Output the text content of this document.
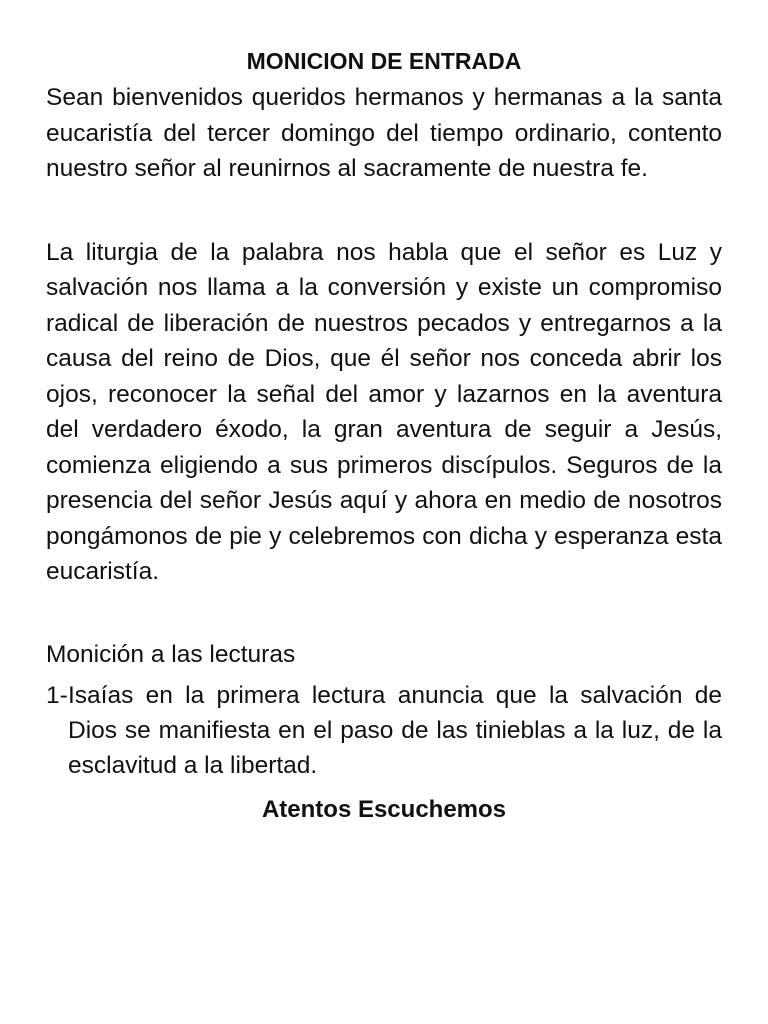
MONICION DE ENTRADA

Sean bienvenidos queridos hermanos y hermanas a la santa eucaristía del tercer domingo del tiempo ordinario, contento nuestro señor al reunirnos al sacramente de nuestra fe.

La liturgia de la palabra nos habla que el señor es Luz y salvación nos llama a la conversión y existe un compromiso radical de liberación de nuestros pecados y entregarnos a la causa del reino de Dios, que él señor nos conceda abrir los ojos, reconocer la señal del amor y lazarnos en la aventura del verdadero éxodo, la gran aventura de seguir a Jesús, comienza eligiendo a sus primeros discípulos. Seguros de la presencia del señor Jesús aquí y ahora en medio de nosotros pongámonos de pie y celebremos con dicha y esperanza esta eucaristía.

Monición a las lecturas

1- Isaías en la primera lectura anuncia que la salvación de Dios se manifiesta en el paso de las tinieblas a la luz, de la esclavitud a la libertad.
Atentos Escuchemos
